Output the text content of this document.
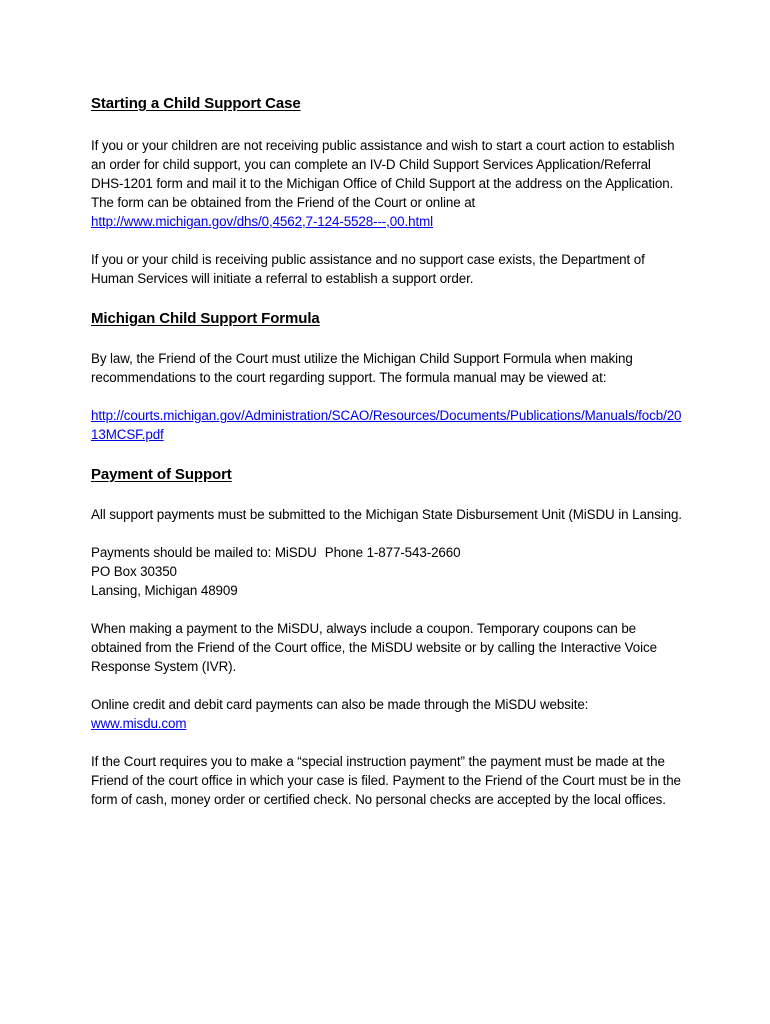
Starting a Child Support Case

If you or your children are not receiving public assistance and wish to start a court action to establish an order for child support, you can complete an IV-D Child Support Services Application/Referral DHS-1201 form and mail it to the Michigan Office of Child Support at the address on the Application. The form can be obtained from the Friend of the Court or online at
http://www.michigan.gov/dhs/0,4562,7-124-5528---,00.html

If you or your child is receiving public assistance and no support case exists, the Department of Human Services will initiate a referral to establish a support order.

Michigan Child Support Formula

By law, the Friend of the Court must utilize the Michigan Child Support Formula when making recommendations to the court regarding support. The formula manual may be viewed at:

http://courts.michigan.gov/Administration/SCAO/Resources/Documents/Publications/Manuals/focb/2013MCSF.pdf

Payment of Support

All support payments must be submitted to the Michigan State Disbursement Unit (MiSDU in Lansing.

Payments should be mailed to: MiSDU Phone 1-877-543-2660
PO Box 30350
Lansing, Michigan 48909

When making a payment to the MiSDU, always include a coupon. Temporary coupons can be obtained from the Friend of the Court office, the MiSDU website or by calling the Interactive Voice Response System (IVR).

Online credit and debit card payments can also be made through the MiSDU website:
www.misdu.com

If the Court requires you to make a “special instruction payment” the payment must be made at the Friend of the court office in which your case is filed. Payment to the Friend of the Court must be in the form of cash, money order or certified check. No personal checks are accepted by the local offices.
